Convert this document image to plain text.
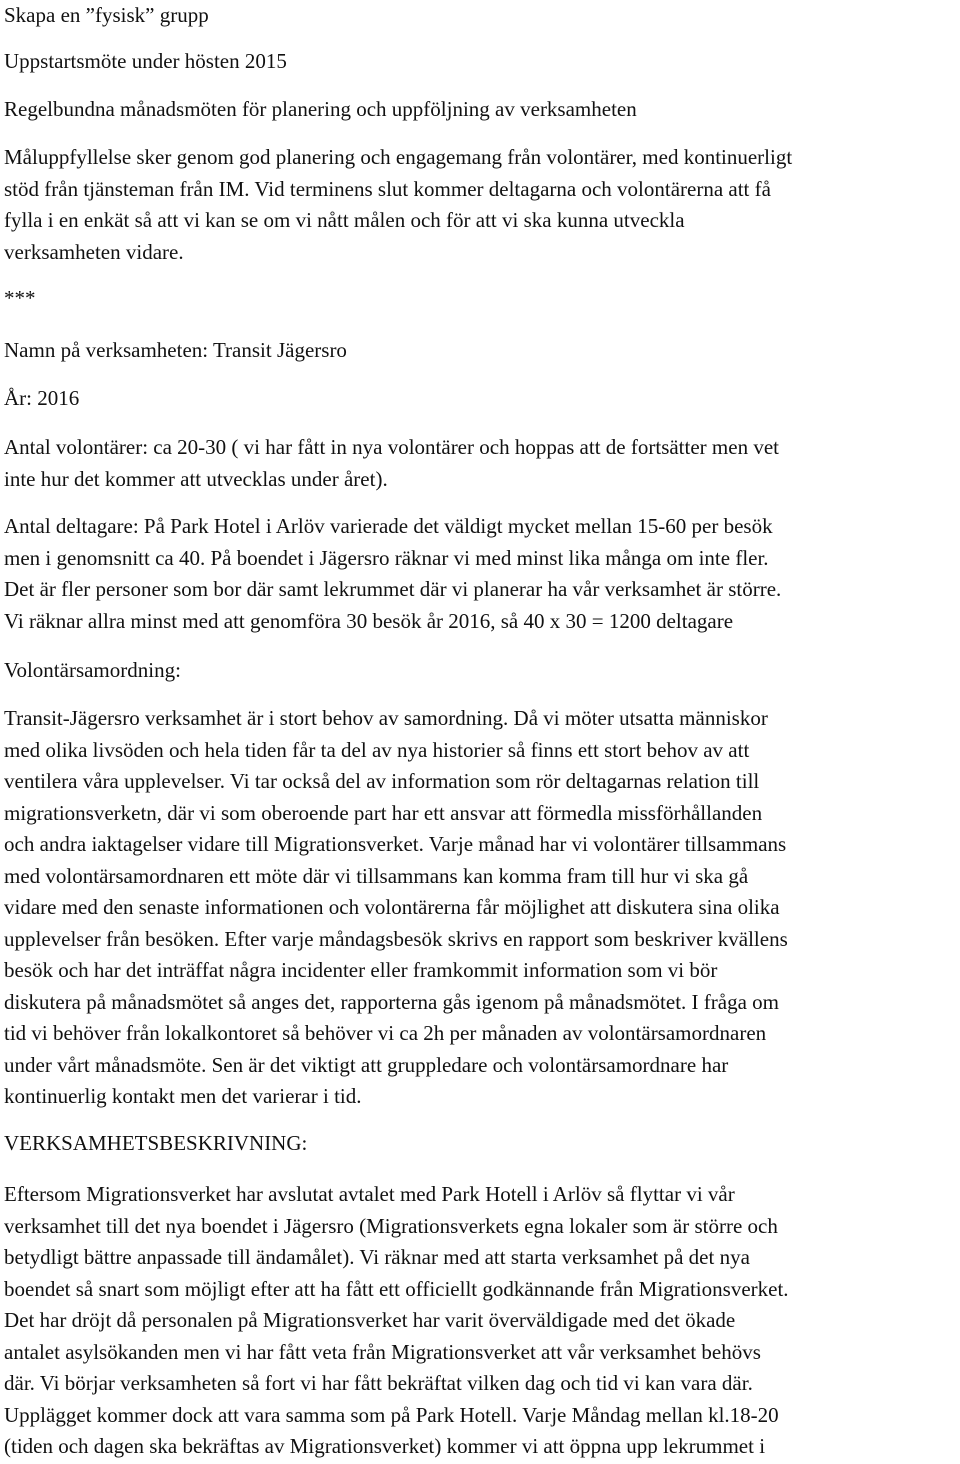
Skapa en ”fysisk” grupp

Uppstartsmöte under hösten 2015

Regelbundna månadsmöten för planering och uppföljning av verksamheten

Måluppfyllelse sker genom god planering och engagemang från volontärer, med kontinuerligt
stöd från tjänsteman från IM. Vid terminens slut kommer deltagarna och volontärerna att få
fylla i en enkät så att vi kan se om vi nått målen och för att vi ska kunna utveckla
verksamheten vidare.

***

Namn på verksamheten: Transit Jägersro

År: 2016

Antal volontärer: ca 20-30 ( vi har fått in nya volontärer och hoppas att de fortsätter men vet
inte hur det kommer att utvecklas under året).

Antal deltagare: På Park Hotel i Arlöv varierade det väldigt mycket mellan 15-60 per besök
men i genomsnitt ca 40. På boendet i Jägersro räknar vi med minst lika många om inte fler.
Det är fler personer som bor där samt lekrummet där vi planerar ha vår verksamhet är större.
Vi räknar allra minst med att genomföra 30 besök år 2016, så 40 x 30 = 1200 deltagare

Volontärsamordning:

Transit-Jägersro verksamhet är i stort behov av samordning. Då vi möter utsatta människor
med olika livsöden och hela tiden får ta del av nya historier så finns ett stort behov av att
ventilera våra upplevelser. Vi tar också del av information som rör deltagarnas relation till
migrationsverketn, där vi som oberoende part har ett ansvar att förmedla missförhållanden
och andra iaktagelser vidare till Migrationsverket. Varje månad har vi volontärer tillsammans
med volontärsamordnaren ett möte där vi tillsammans kan komma fram till hur vi ska gå
vidare med den senaste informationen och volontärerna får möjlighet att diskutera sina olika
upplevelser från besöken. Efter varje måndagsbesök skrivs en rapport som beskriver kvällens
besök och har det inträffat några incidenter eller framkommit information som vi bör
diskutera på månadsmötet så anges det, rapporterna gås igenom på månadsmötet. I fråga om
tid vi behöver från lokalkontoret så behöver vi ca 2h per månaden av volontärsamordnaren
under vårt månadsmöte. Sen är det viktigt att gruppledare och volontärsamordnare har
kontinuerlig kontakt men det varierar i tid.

VERKSAMHETSBESKRIVNING:

Eftersom Migrationsverket har avslutat avtalet med Park Hotell i Arlöv så flyttar vi vår
verksamhet till det nya boendet i Jägersro (Migrationsverkets egna lokaler som är större och
betydligt bättre anpassade till ändamålet). Vi räknar med att starta verksamhet på det nya
boendet så snart som möjligt efter att ha fått ett officiellt godkännande från Migrationsverket.
Det har dröjt då personalen på Migrationsverket har varit överväldigade med det ökade
antalet asylsökanden men vi har fått veta från Migrationsverket att vår verksamhet behövs
där. Vi börjar verksamheten så fort vi har fått bekräftat vilken dag och tid vi kan vara där.
Upplägget kommer dock att vara samma som på Park Hotell. Varje Måndag mellan kl.18-20
(tiden och dagen ska bekräftas av Migrationsverket) kommer vi att öppna upp lekrummet i
